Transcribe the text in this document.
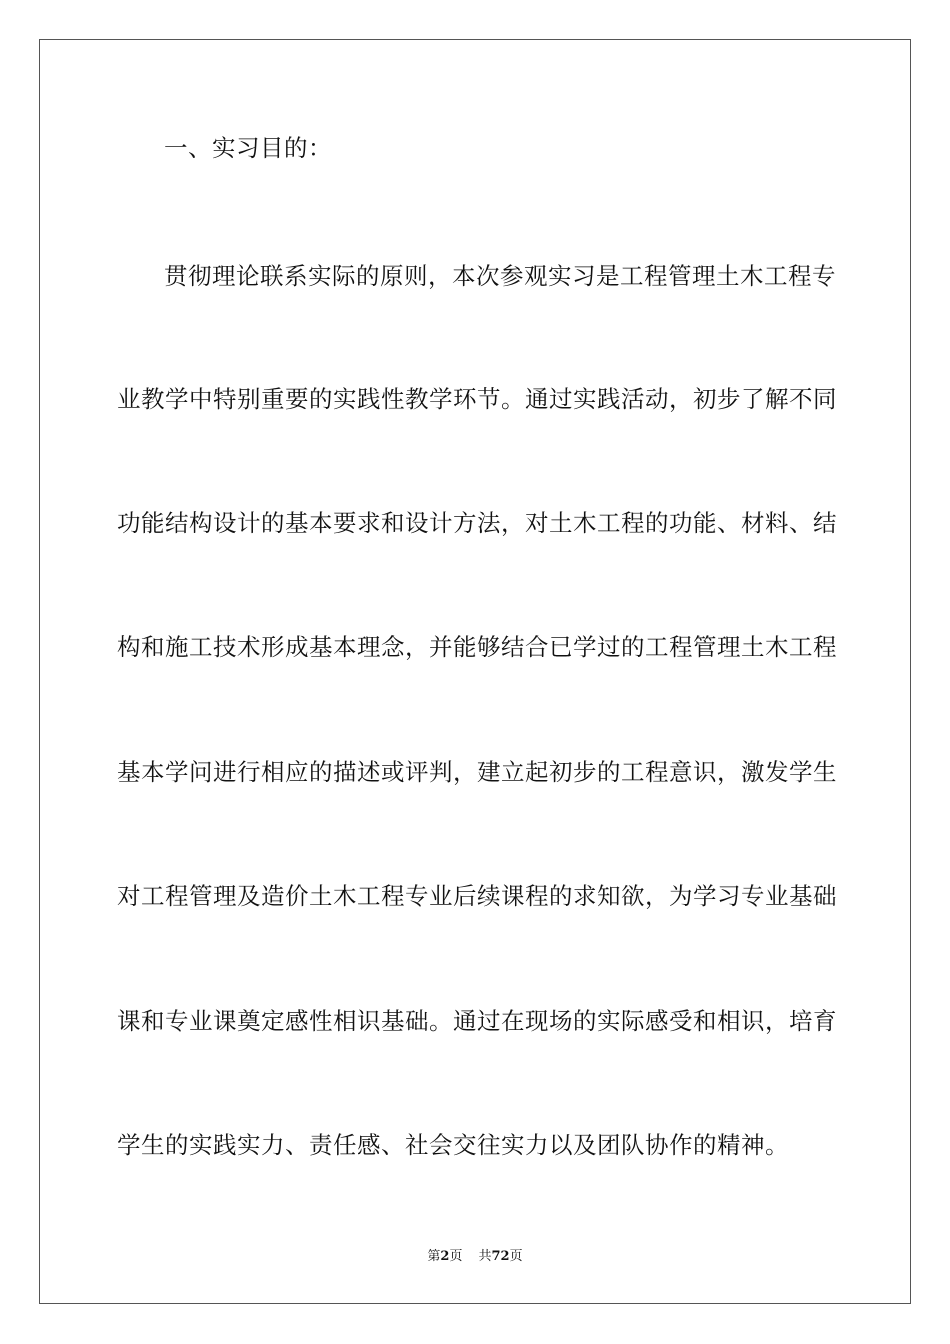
一、实习目的：
贯彻理论联系实际的原则，本次参观实习是工程管理土木工程专
业教学中特别重要的实践性教学环节。通过实践活动，初步了解不同
功能结构设计的基本要求和设计方法，对土木工程的功能、材料、结
构和施工技术形成基本理念，并能够结合已学过的工程管理土木工程
基本学问进行相应的描述或评判，建立起初步的工程意识，激发学生
对工程管理及造价土木工程专业后续课程的求知欲，为学习专业基础
课和专业课奠定感性相识基础。通过在现场的实际感受和相识，培育
学生的实践实力、责任感、社会交往实力以及团队协作的精神。
第2页 共72页
